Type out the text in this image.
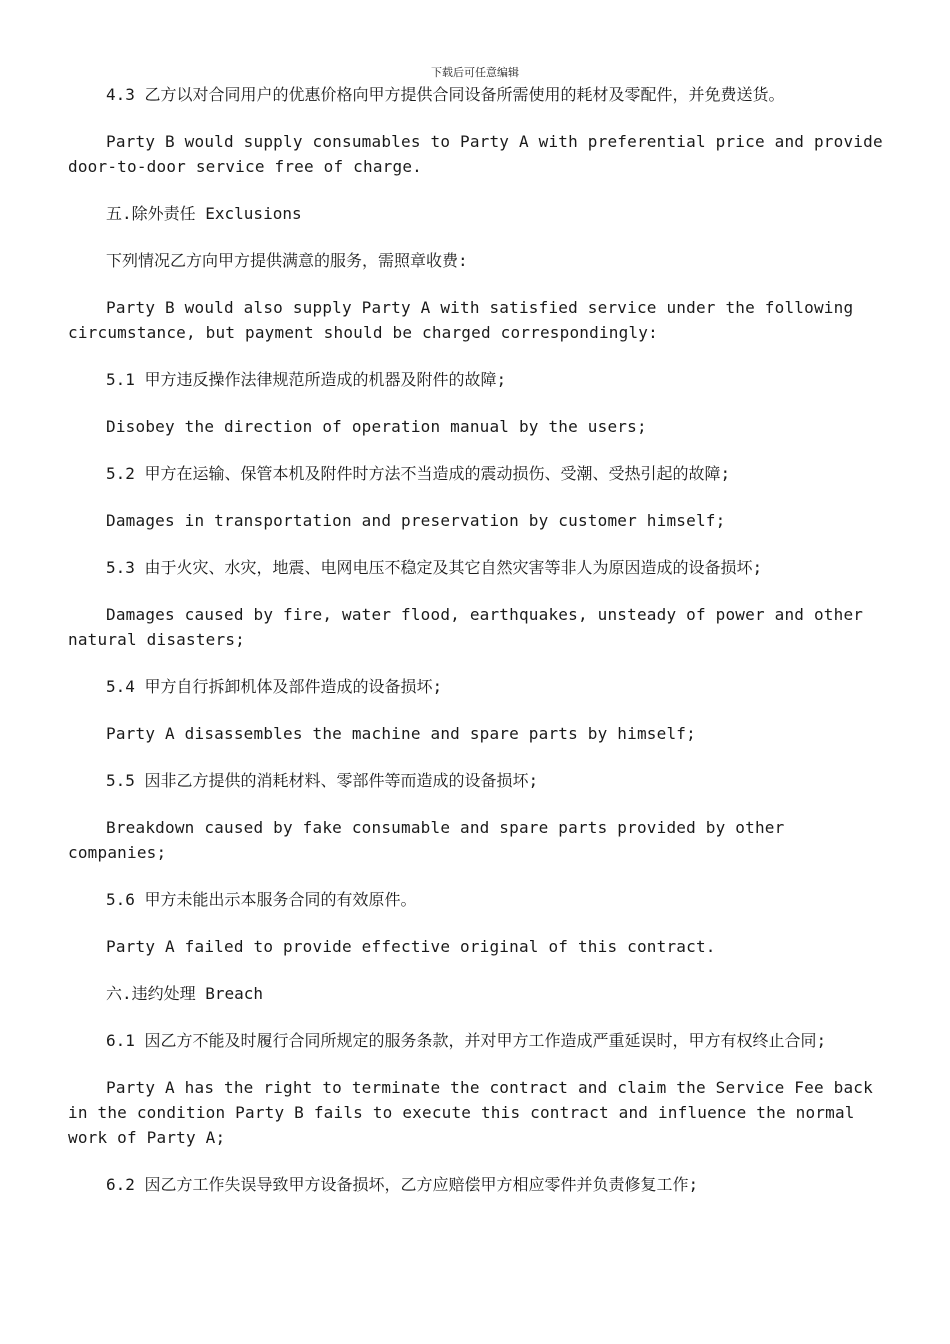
下载后可任意编辑

4.3 乙方以对合同用户的优惠价格向甲方提供合同设备所需使用的耗材及零配件，并免费送货。

Party B would supply consumables to Party A with preferential price and provide door-to-door service free of charge.

五.除外责任 Exclusions

下列情况乙方向甲方提供满意的服务，需照章收费:

Party B would also supply Party A with satisfied service under the following circumstance, but payment should be charged correspondingly:

5.1 甲方违反操作法律规范所造成的机器及附件的故障;

Disobey the direction of operation manual by the users;

5.2 甲方在运输、保管本机及附件时方法不当造成的震动损伤、受潮、受热引起的故障;

Damages in transportation and preservation by customer himself;

5.3 由于火灾、水灾，地震、电网电压不稳定及其它自然灾害等非人为原因造成的设备损坏;

Damages caused by fire, water flood, earthquakes, unsteady of power and other natural disasters;

5.4 甲方自行拆卸机体及部件造成的设备损坏;

Party A disassembles the machine and spare parts by himself;

5.5 因非乙方提供的消耗材料、零部件等而造成的设备损坏;

Breakdown caused by fake consumable and spare parts provided by other companies;

5.6 甲方未能出示本服务合同的有效原件。

Party A failed to provide effective original of this contract.

六.违约处理 Breach

6.1 因乙方不能及时履行合同所规定的服务条款，并对甲方工作造成严重延误时，甲方有权终止合同;

Party A has the right to terminate the contract and claim the Service Fee back in the condition Party B fails to execute this contract and influence the normal work of Party A;

6.2 因乙方工作失误导致甲方设备损坏，乙方应赔偿甲方相应零件并负责修复工作;
